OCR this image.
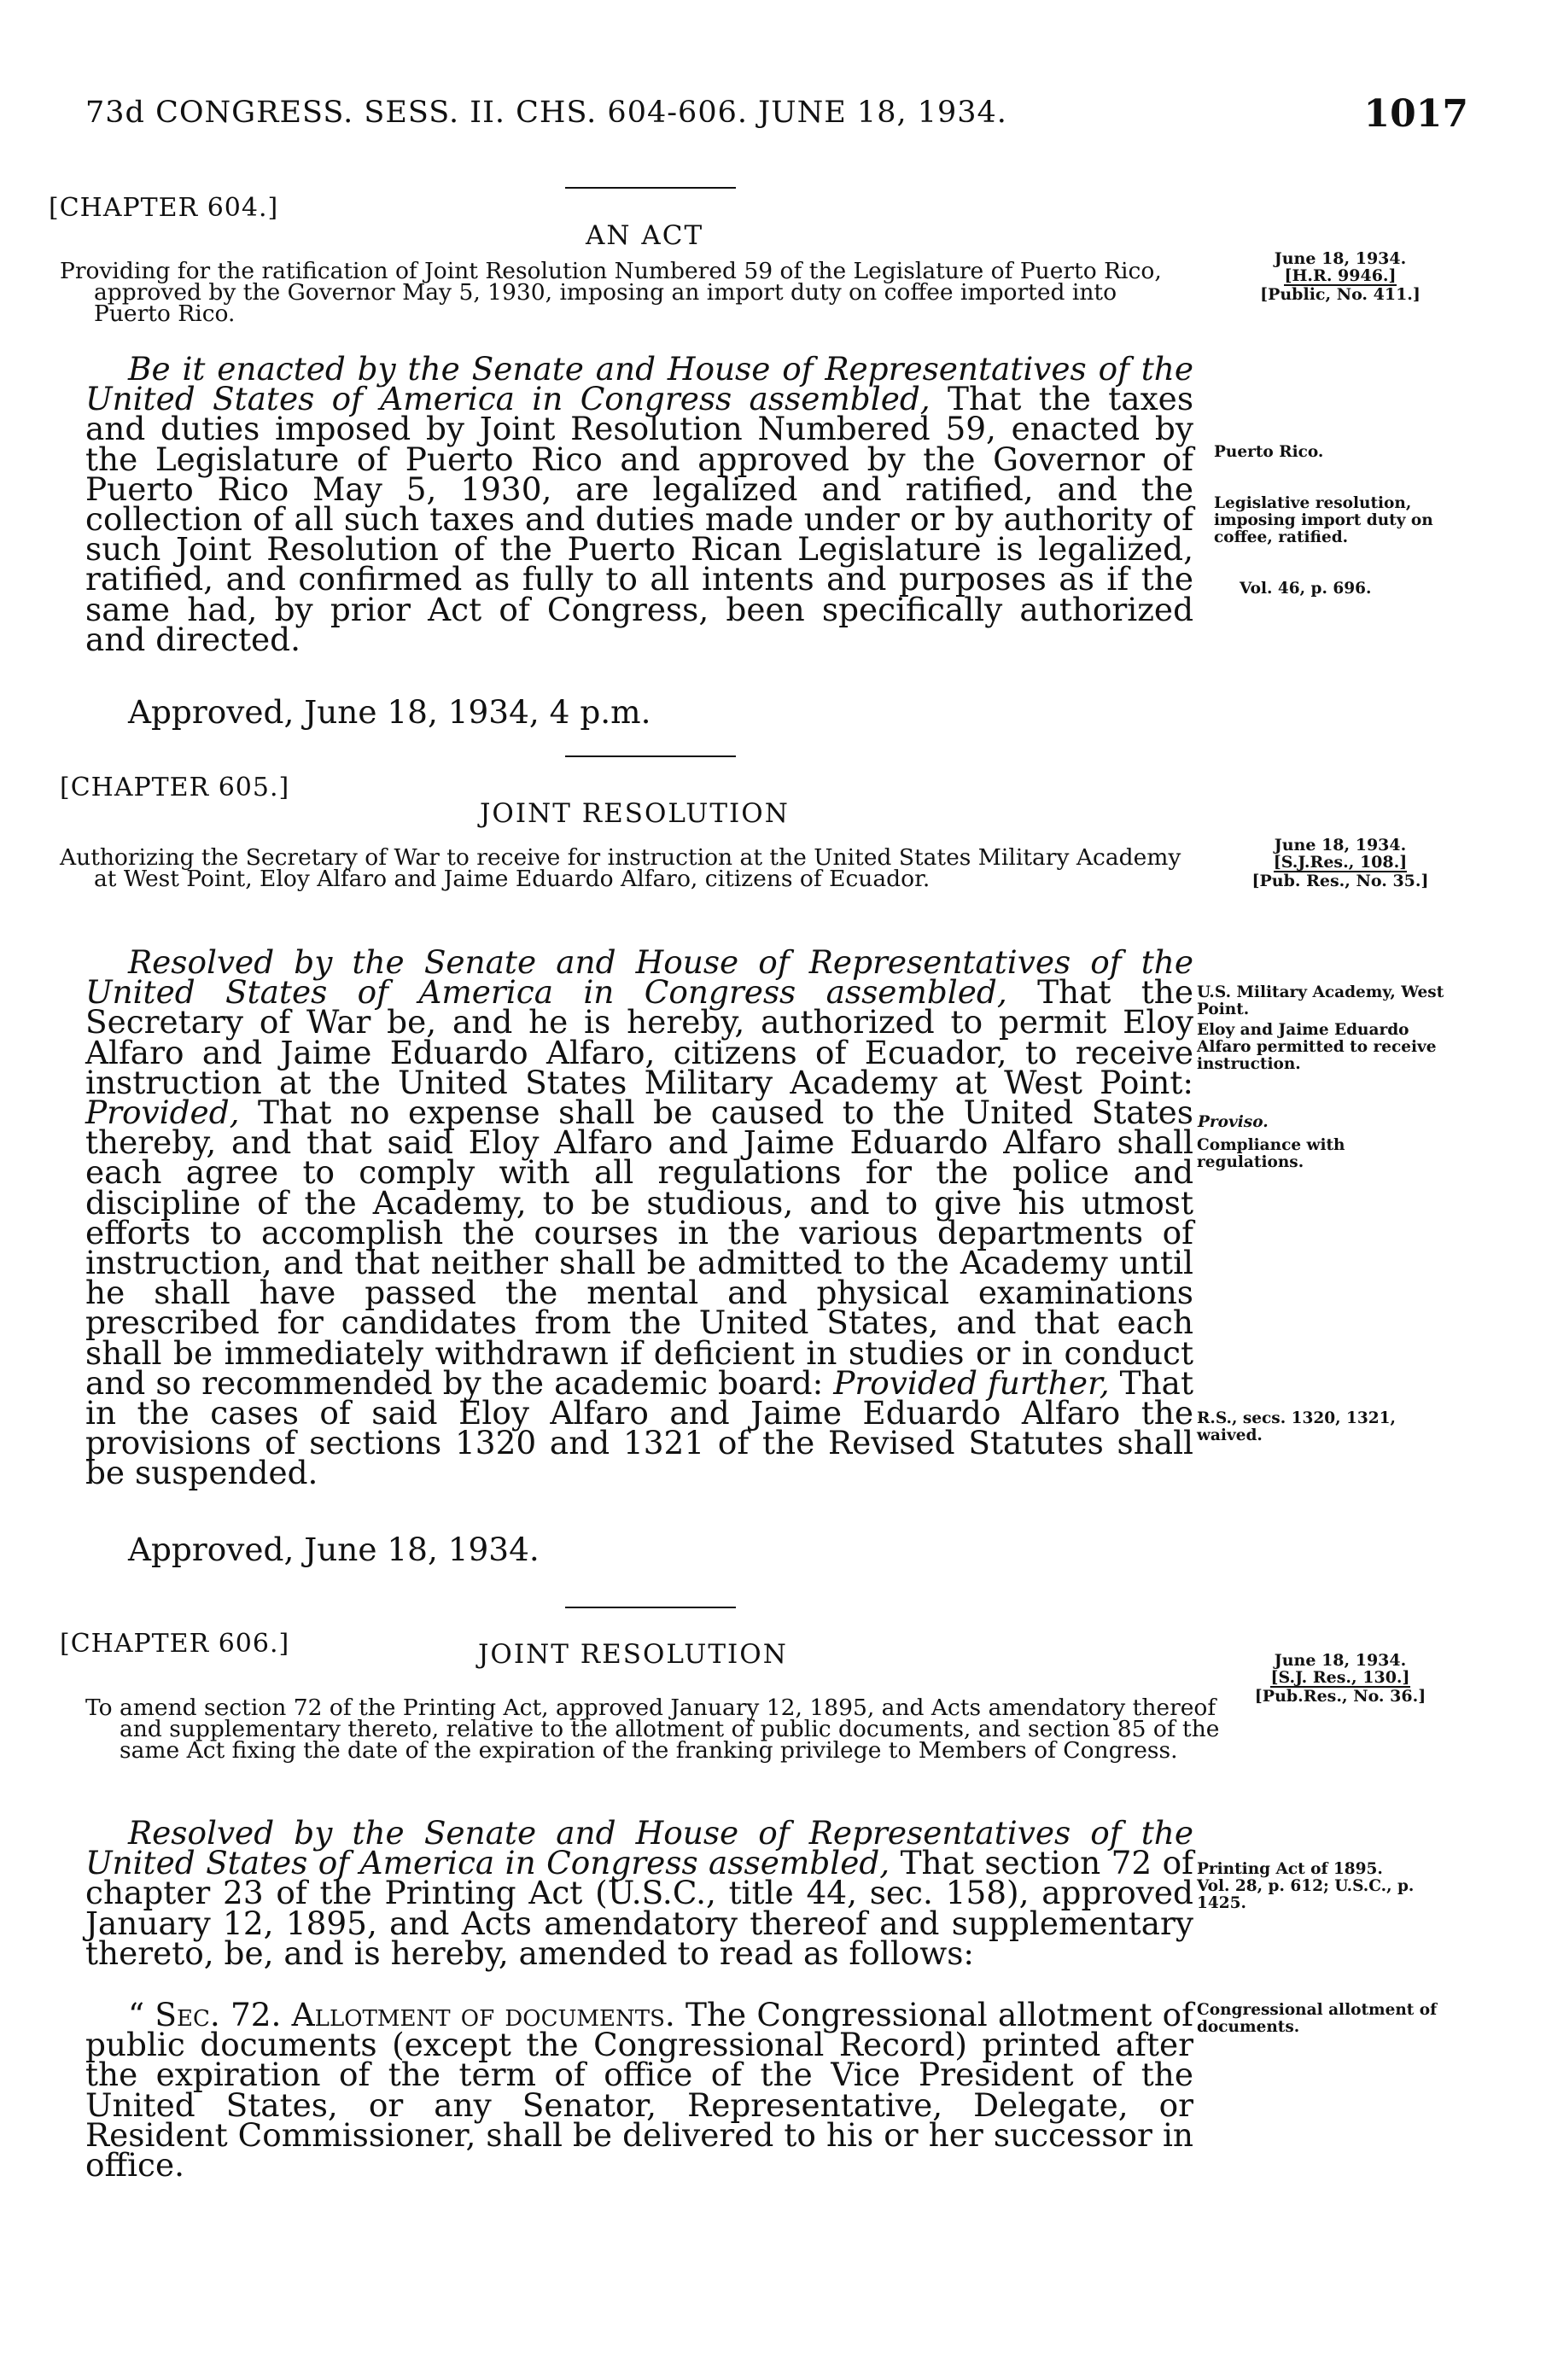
73d CONGRESS. SESS. II. CHS. 604-606. JUNE 18, 1934.	1017
[CHAPTER 604.]
AN ACT
Providing for the ratification of Joint Resolution Numbered 59 of the Legislature of Puerto Rico, approved by the Governor May 5, 1930, imposing an import duty on coffee imported into Puerto Rico.
June 18, 1934.
[H.R. 9946.]
[Public, No. 411.]

Be it enacted by the Senate and House of Representatives of the United States of America in Congress assembled, That the taxes and duties imposed by Joint Resolution Numbered 59, enacted by the Legislature of Puerto Rico and approved by the Governor of Puerto Rico May 5, 1930, are legalized and ratified, and the collection of all such taxes and duties made under or by authority of such Joint Resolution of the Puerto Rican Legislature is legalized, ratified, and confirmed as fully to all intents and purposes as if the same had, by prior Act of Congress, been specifically authorized and directed.

Approved, June 18, 1934, 4 p.m.

Puerto Rico.

Legislative resolution, imposing import duty on coffee, ratified.

Vol. 46, p. 696.

[CHAPTER 605.]
JOINT RESOLUTION
Authorizing the Secretary of War to receive for instruction at the United States Military Academy at West Point, Eloy Alfaro and Jaime Eduardo Alfaro, citizens of Ecuador.
June 18, 1934.
[S.J.Res., 108.]
[Pub. Res., No. 35.]

Resolved by the Senate and House of Representatives of the United States of America in Congress assembled, That the Secretary of War be, and he is hereby, authorized to permit Eloy Alfaro and Jaime Eduardo Alfaro, citizens of Ecuador, to receive instruction at the United States Military Academy at West Point: Provided, That no expense shall be caused to the United States thereby, and that said Eloy Alfaro and Jaime Eduardo Alfaro shall each agree to comply with all regulations for the police and discipline of the Academy, to be studious, and to give his utmost efforts to accomplish the courses in the various departments of instruction, and that neither shall be admitted to the Academy until he shall have passed the mental and physical examinations prescribed for candidates from the United States, and that each shall be immediately withdrawn if deficient in studies or in conduct and so recommended by the academic board: Provided further, That in the cases of said Eloy Alfaro and Jaime Eduardo Alfaro the provisions of sections 1320 and 1321 of the Revised Statutes shall be suspended.

Approved, June 18, 1934.
U.S. Military Academy, West Point.
Eloy and Jaime Eduardo Alfaro permitted to receive instruction.
Proviso.
Compliance with regulations.
R.S., secs. 1320, 1321, waived.
[CHAPTER 606.]	JOINT RESOLUTION
To amend section 72 of the Printing Act, approved January 12, 1895, and Acts amendatory thereof and supplementary thereto, relative to the allotment of public documents, and section 85 of the same Act fixing the date of the expiration of the franking privilege to Members of Congress.
June 18, 1934.
[S.J. Res., 130.]
[Pub.Res., No. 36.]

Resolved by the Senate and House of Representatives of the United States of America in Congress assembled, That section 72 of chapter 23 of the Printing Act (U.S.C., title 44, sec. 158), approved January 12, 1895, and Acts amendatory thereof and supplementary thereto, be, and is hereby, amended to read as follows:

“ Sec. 72. Allotment of documents. The Congressional allotment of public documents (except the Congressional Record) printed after the expiration of the term of office of the Vice President of the United States, or any Senator, Representative, Delegate, or Resident Commissioner, shall be delivered to his or her successor in office.

Printing Act of 1895.
Vol. 28, p. 612; U.S.C., p. 1425.
Congressional allotment of documents.
